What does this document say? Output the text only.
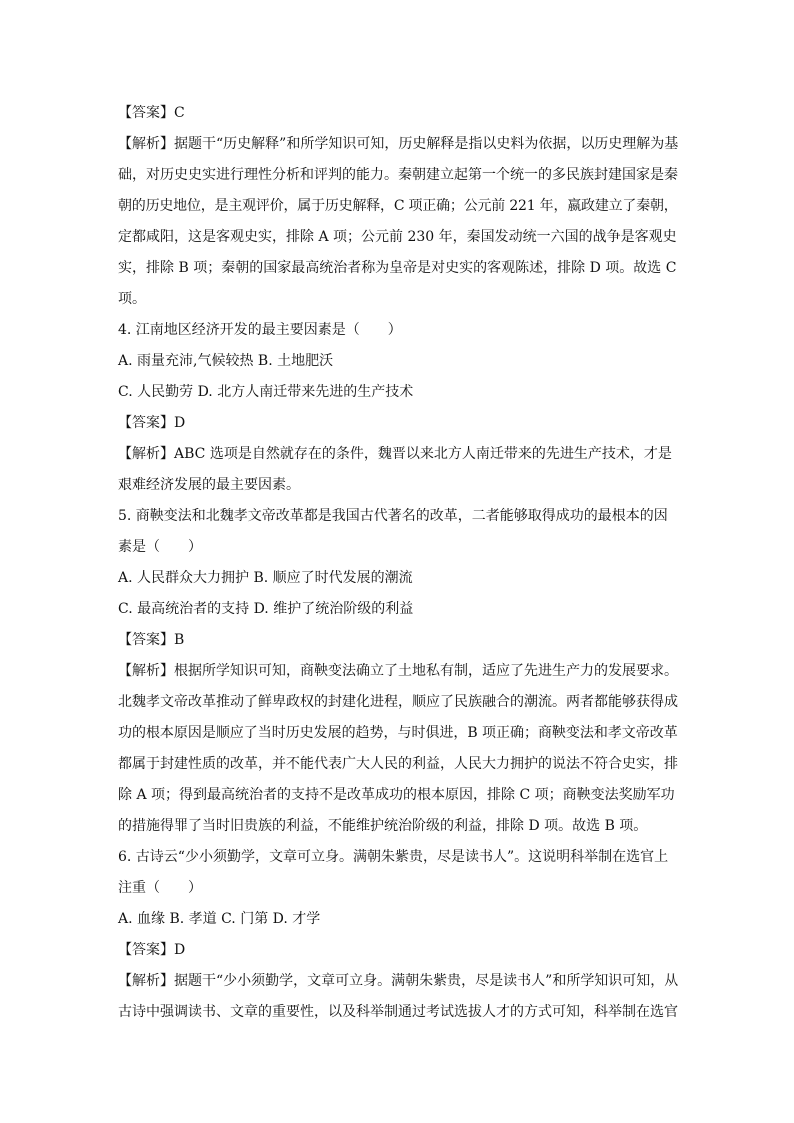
【答案】C
【解析】据题干“历史解释”和所学知识可知，历史解释是指以史料为依据，以历史理解为基
础，对历史史实进行理性分析和评判的能力。秦朝建立起第一个统一的多民族封建国家是秦
朝的历史地位，是主观评价，属于历史解释，C 项正确；公元前 221 年，嬴政建立了秦朝，
定都咸阳，这是客观史实，排除 A 项；公元前 230 年，秦国发动统一六国的战争是客观史
实，排除 B 项；秦朝的国家最高统治者称为皇帝是对史实的客观陈述，排除 D 项。故选 C
项。
4. 江南地区经济开发的最主要因素是（　　）
A. 雨量充沛,气候较热 B. 土地肥沃
C. 人民勤劳 D. 北方人南迁带来先进的生产技术
【答案】D
【解析】ABC 选项是自然就存在的条件，魏晋以来北方人南迁带来的先进生产技术，才是
艰难经济发展的最主要因素。
5. 商鞅变法和北魏孝文帝改革都是我国古代著名的改革，二者能够取得成功的最根本的因
素是（　　）
A. 人民群众大力拥护 B. 顺应了时代发展的潮流
C. 最高统治者的支持 D. 维护了统治阶级的利益
【答案】B
【解析】根据所学知识可知，商鞅变法确立了土地私有制，适应了先进生产力的发展要求。
北魏孝文帝改革推动了鲜卑政权的封建化进程，顺应了民族融合的潮流。两者都能够获得成
功的根本原因是顺应了当时历史发展的趋势，与时俱进，B 项正确；商鞅变法和孝文帝改革
都属于封建性质的改革，并不能代表广大人民的利益，人民大力拥护的说法不符合史实，排
除 A 项；得到最高统治者的支持不是改革成功的根本原因，排除 C 项；商鞅变法奖励军功
的措施得罪了当时旧贵族的利益，不能维护统治阶级的利益，排除 D 项。故选 B 项。
6. 古诗云“少小须勤学，文章可立身。满朝朱紫贵，尽是读书人”。这说明科举制在选官上
注重（　　）
A. 血缘 B. 孝道 C. 门第 D. 才学
【答案】D
【解析】据题干“少小须勤学，文章可立身。满朝朱紫贵，尽是读书人”和所学知识可知，从
古诗中强调读书、文章的重要性，以及科举制通过考试选拔人才的方式可知，科举制在选官
